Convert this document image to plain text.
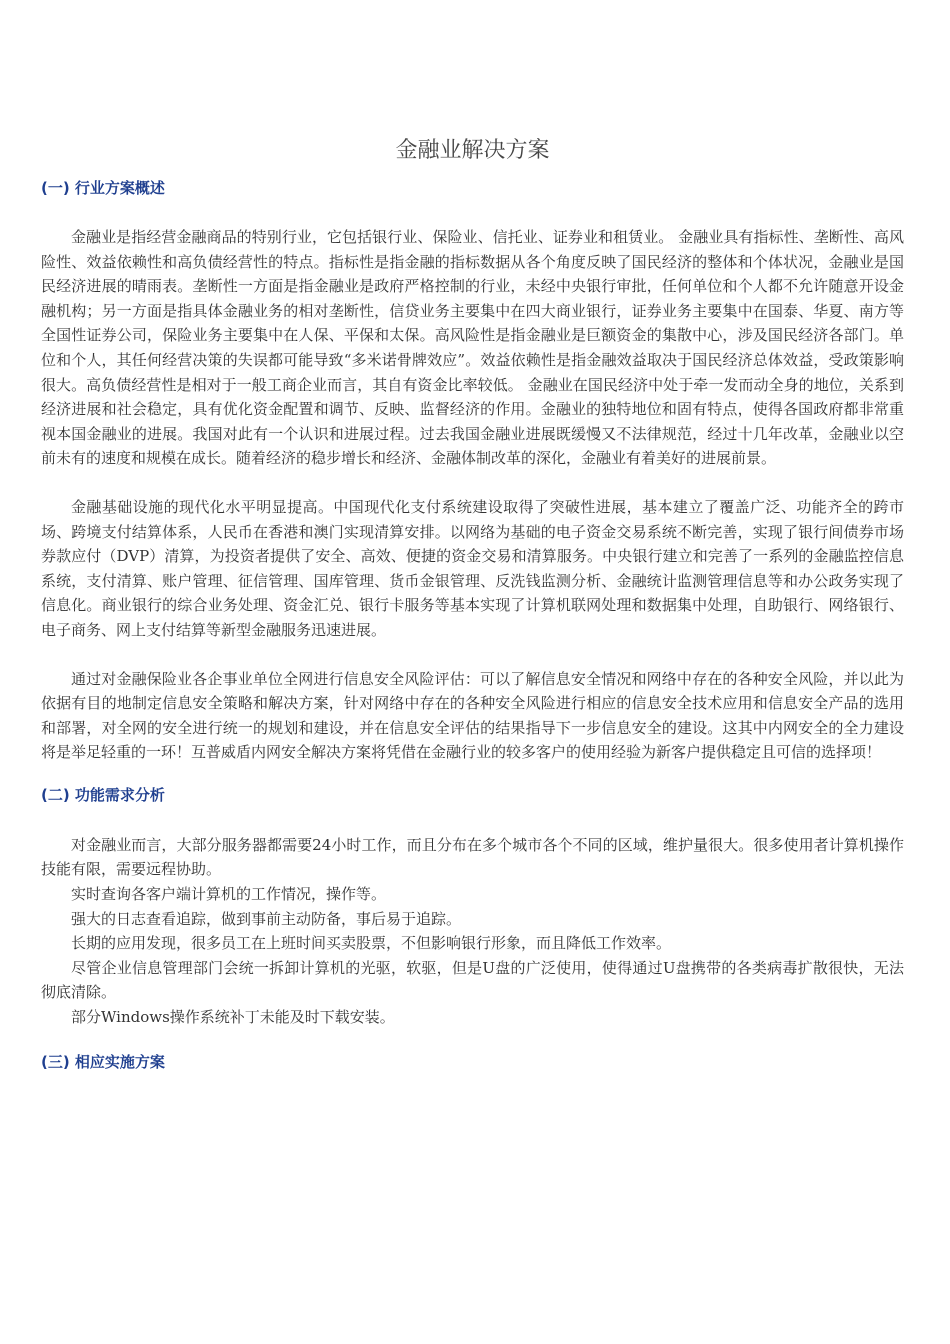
金融业解决方案
(一) 行业方案概述

金融业是指经营金融商品的特别行业，它包括银行业、保险业、信托业、证券业和租赁业。 金融业具有指标性、垄断性、高风险性、效益依赖性和高负债经营性的特点。指标性是指金融的指标数据从各个角度反映了国民经济的整体和个体状况，金融业是国民经济进展的晴雨表。垄断性一方面是指金融业是政府严格控制的行业，未经中央银行审批，任何单位和个人都不允许随意开设金融机构；另一方面是指具体金融业务的相对垄断性，信贷业务主要集中在四大商业银行，证券业务主要集中在国泰、华夏、南方等全国性证券公司，保险业务主要集中在人保、平保和太保。高风险性是指金融业是巨额资金的集散中心，涉及国民经济各部门。单位和个人，其任何经营决策的失误都可能导致“多米诺骨牌效应”。效益依赖性是指金融效益取决于国民经济总体效益，受政策影响很大。高负债经营性是相对于一般工商企业而言，其自有资金比率较低。 金融业在国民经济中处于牵一发而动全身的地位，关系到经济进展和社会稳定，具有优化资金配置和调节、反映、监督经济的作用。金融业的独特地位和固有特点，使得各国政府都非常重视本国金融业的进展。我国对此有一个认识和进展过程。过去我国金融业进展既缓慢又不法律规范，经过十几年改革，金融业以空前未有的速度和规模在成长。随着经济的稳步增长和经济、金融体制改革的深化，金融业有着美好的进展前景。

金融基础设施的现代化水平明显提高。中国现代化支付系统建设取得了突破性进展，基本建立了覆盖广泛、功能齐全的跨市场、跨境支付结算体系，人民币在香港和澳门实现清算安排。以网络为基础的电子资金交易系统不断完善，实现了银行间债券市场券款应付（DVP）清算，为投资者提供了安全、高效、便捷的资金交易和清算服务。中央银行建立和完善了一系列的金融监控信息系统，支付清算、账户管理、征信管理、国库管理、货币金银管理、反洗钱监测分析、金融统计监测管理信息等和办公政务实现了信息化。商业银行的综合业务处理、资金汇兑、银行卡服务等基本实现了计算机联网处理和数据集中处理，自助银行、网络银行、电子商务、网上支付结算等新型金融服务迅速进展。

通过对金融保险业各企事业单位全网进行信息安全风险评估：可以了解信息安全情况和网络中存在的各种安全风险，并以此为依据有目的地制定信息安全策略和解决方案，针对网络中存在的各种安全风险进行相应的信息安全技术应用和信息安全产品的选用和部署，对全网的安全进行统一的规划和建设，并在信息安全评估的结果指导下一步信息安全的建设。这其中内网安全的全力建设将是举足轻重的一环！互普威盾内网安全解决方案将凭借在金融行业的较多客户的使用经验为新客户提供稳定且可信的选择项！

(二) 功能需求分析

对金融业而言，大部分服务器都需要24小时工作，而且分布在多个城市各个不同的区域，维护量很大。很多使用者计算机操作技能有限，需要远程协助。

实时查询各客户端计算机的工作情况，操作等。

强大的日志查看追踪，做到事前主动防备，事后易于追踪。

长期的应用发现，很多员工在上班时间买卖股票，不但影响银行形象，而且降低工作效率。

尽管企业信息管理部门会统一拆卸计算机的光驱，软驱，但是U盘的广泛使用，使得通过U盘携带的各类病毒扩散很快，无法彻底清除。

部分Windows操作系统补丁未能及时下载安装。

(三) 相应实施方案
